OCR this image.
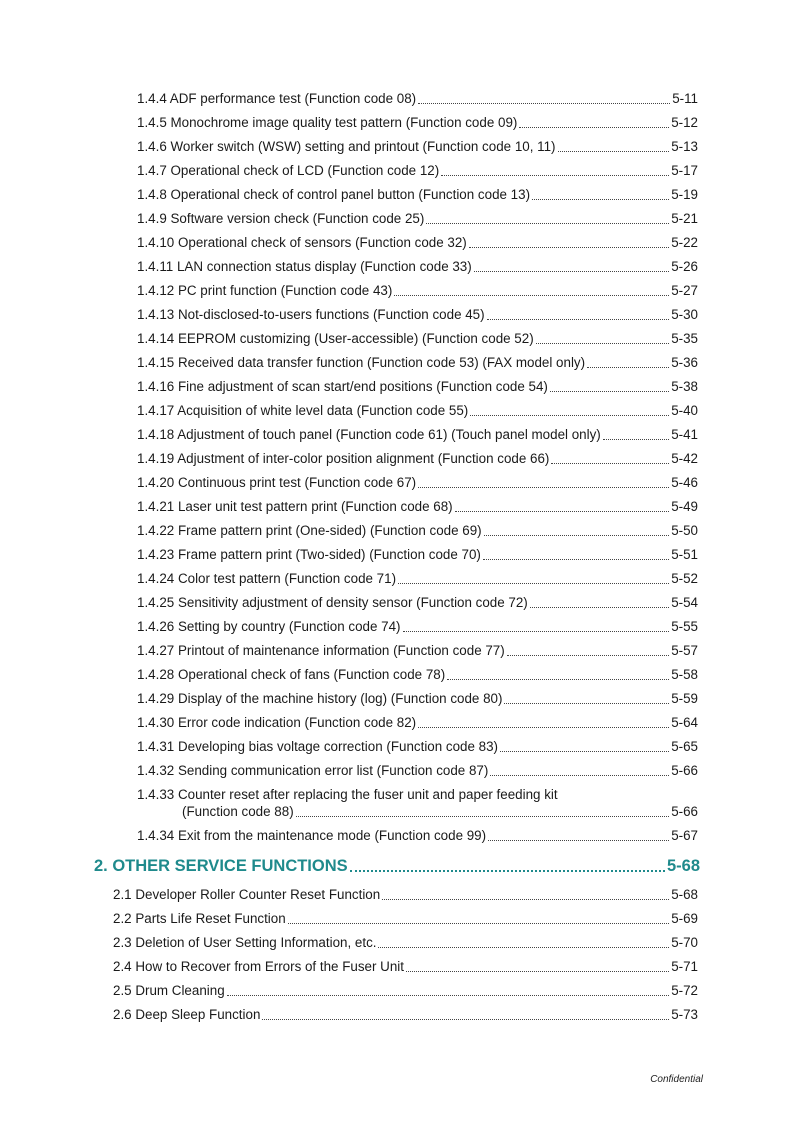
1.4.4 ADF performance test (Function code 08)	5-11
1.4.5 Monochrome image quality test pattern (Function code 09)	5-12
1.4.6 Worker switch (WSW) setting and printout (Function code 10, 11)	5-13
1.4.7 Operational check of LCD (Function code 12)	5-17
1.4.8 Operational check of control panel button (Function code 13)	5-19
1.4.9 Software version check (Function code 25)	5-21
1.4.10 Operational check of sensors (Function code 32)	5-22
1.4.11 LAN connection status display (Function code 33)	5-26
1.4.12 PC print function (Function code 43)	5-27
1.4.13 Not-disclosed-to-users functions (Function code 45)	5-30
1.4.14 EEPROM customizing (User-accessible) (Function code 52)	5-35
1.4.15 Received data transfer function (Function code 53) (FAX model only)	5-36
1.4.16 Fine adjustment of scan start/end positions (Function code 54)	5-38
1.4.17 Acquisition of white level data (Function code 55)	5-40
1.4.18 Adjustment of touch panel (Function code 61) (Touch panel model only)	5-41
1.4.19 Adjustment of inter-color position alignment (Function code 66)	5-42
1.4.20 Continuous print test (Function code 67)	5-46
1.4.21 Laser unit test pattern print (Function code 68)	5-49
1.4.22 Frame pattern print (One-sided) (Function code 69)	5-50
1.4.23 Frame pattern print (Two-sided) (Function code 70)	5-51
1.4.24 Color test pattern (Function code 71)	5-52
1.4.25 Sensitivity adjustment of density sensor (Function code 72)	5-54
1.4.26 Setting by country (Function code 74)	5-55
1.4.27 Printout of maintenance information (Function code 77)	5-57
1.4.28 Operational check of fans (Function code 78)	5-58
1.4.29 Display of the machine history (log) (Function code 80)	5-59
1.4.30 Error code indication (Function code 82)	5-64
1.4.31 Developing bias voltage correction (Function code 83)	5-65
1.4.32 Sending communication error list (Function code 87)	5-66
1.4.33 Counter reset after replacing the fuser unit and paper feeding kit
(Function code 88)	5-66
1.4.34 Exit from the maintenance mode (Function code 99)	5-67
2. OTHER SERVICE FUNCTIONS	5-68
2.1 Developer Roller Counter Reset Function	5-68
2.2 Parts Life Reset Function	5-69
2.3 Deletion of User Setting Information, etc.	5-70
2.4 How to Recover from Errors of the Fuser Unit	5-71
2.5 Drum Cleaning	5-72
2.6 Deep Sleep Function	5-73
Confidential
